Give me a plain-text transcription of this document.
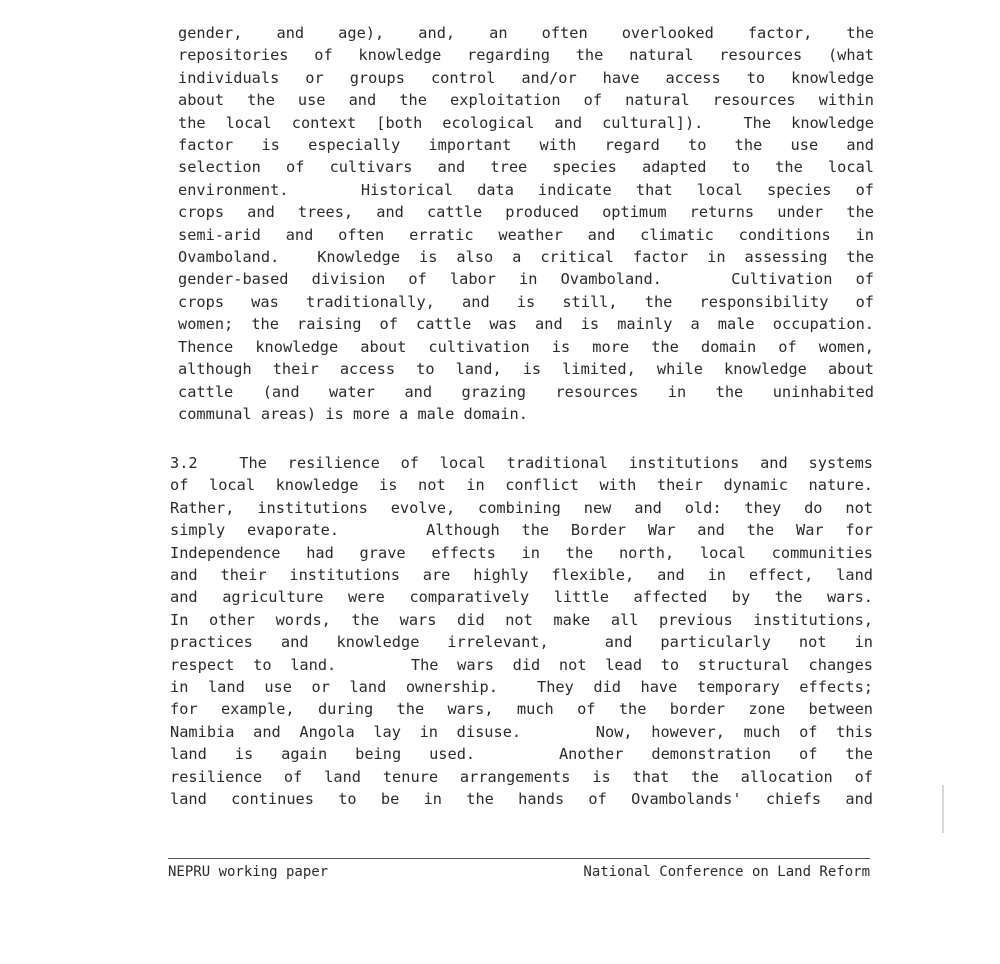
gender,  and  age),  and,  an  often  overlooked  factor,  the
repositories of knowledge regarding the natural resources (what
individuals or groups control and/or have access to knowledge
about the use and the exploitation of natural resources within
the local context [both ecological and cultural]).  The knowledge
factor  is  especially  important  with  regard  to  the  use  and
selection  of  cultivars  and  tree  species  adapted  to  the  local
environment.   Historical data indicate that local species of
crops and trees, and cattle produced optimum returns under the
semi-arid and often erratic weather and climatic conditions in
Ovamboland.  Knowledge is also a critical factor in assessing the
gender-based division of labor in Ovamboland.   Cultivation of
crops was traditionally, and is still, the responsibility of
women; the raising of cattle was and is mainly a male occupation.
Thence knowledge about cultivation is more the domain of women,
although their access to land, is limited, while knowledge about
cattle  (and  water  and  grazing  resources  in  the  uninhabited
communal areas) is more a male domain.
3.2  The resilience of local traditional institutions and systems
of local knowledge is not in conflict with their dynamic nature.
Rather, institutions evolve, combining new and old: they do not
simply evaporate.    Although the Border War and the War for
Independence had grave effects in the north, local communities
and their institutions are highly flexible, and in effect, land
and agriculture were comparatively little affected by the wars.
In other words, the wars did not make all previous institutions,
practices and knowledge irrelevant,  and particularly not in
respect to land.    The wars did not lead to structural changes
in land use or land ownership.  They did have temporary effects;
for example, during the wars, much of the border zone between
Namibia and Angola lay in disuse.    Now, however, much of this
land  is  again  being  used.      Another  demonstration  of  the
resilience of land tenure arrangements is that the allocation of
land continues to be in the hands of Ovambolands' chiefs and
NEPRU working paper	National Conference on Land Reform
